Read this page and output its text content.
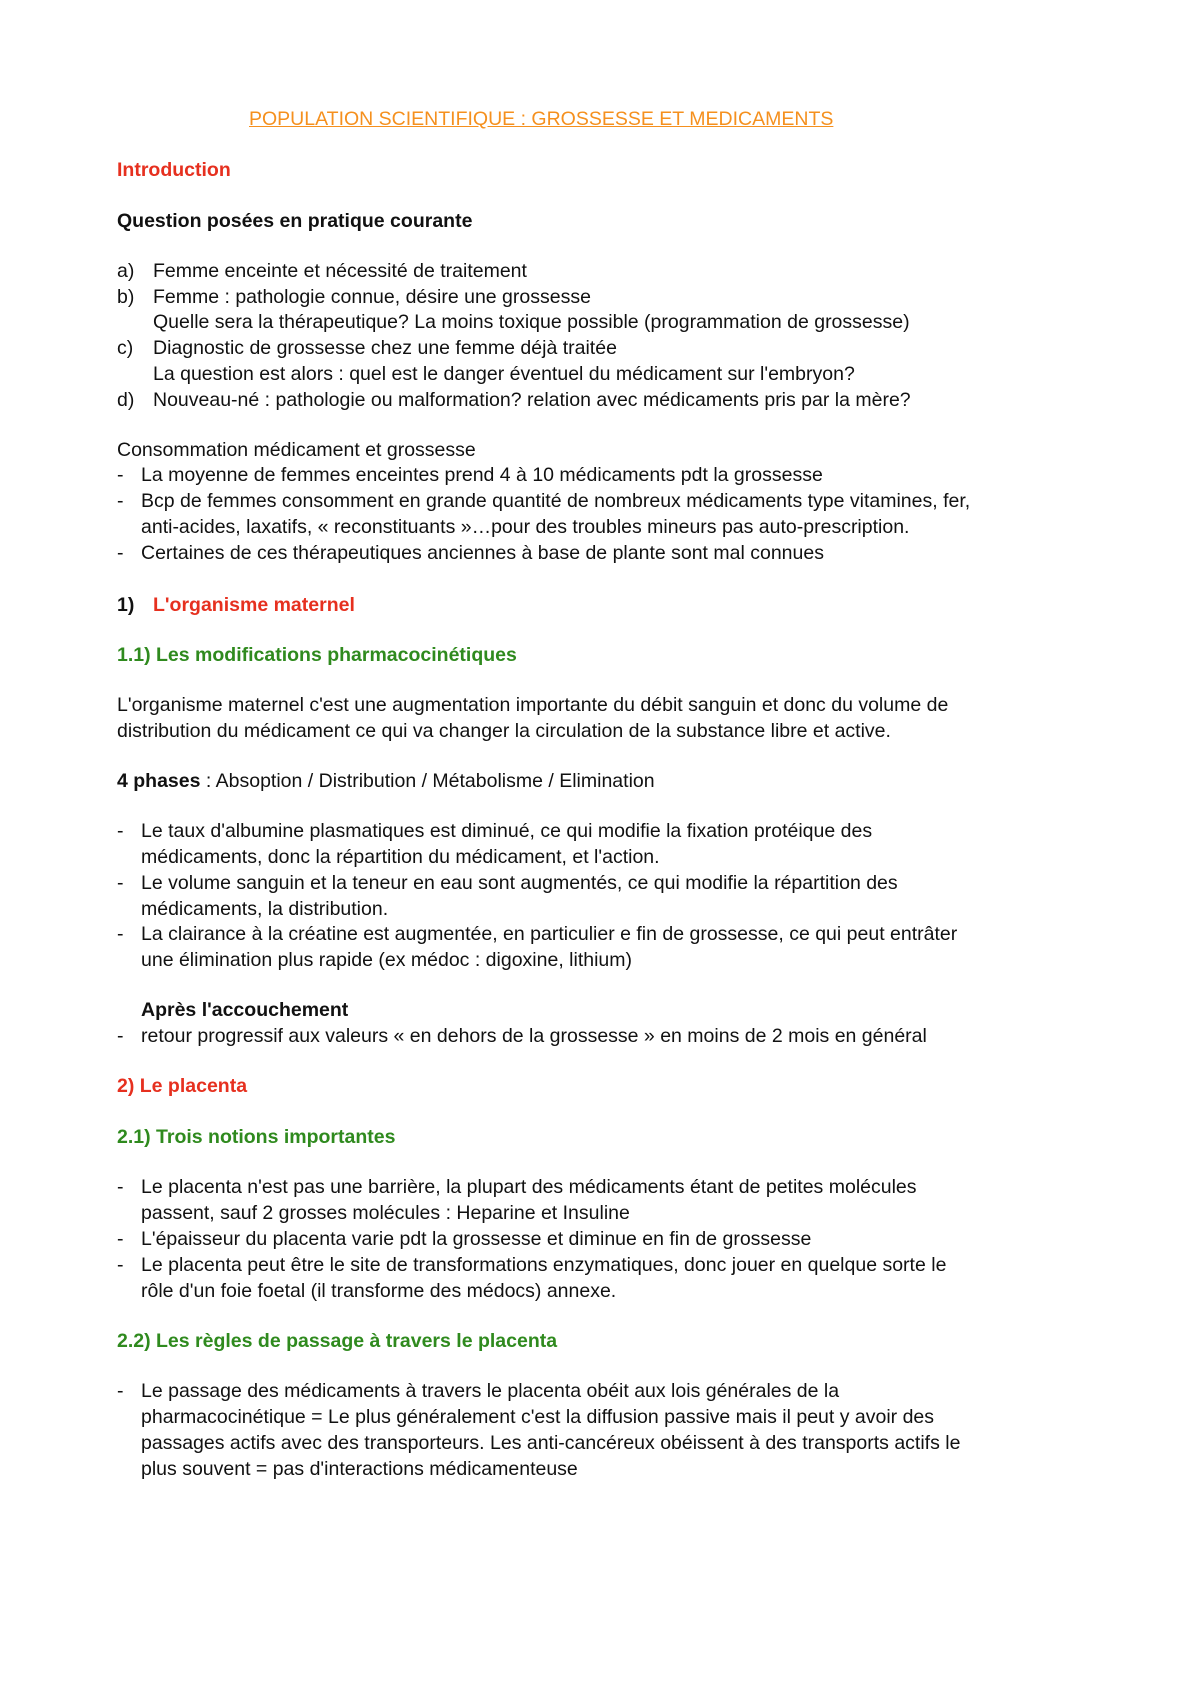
POPULATION SCIENTIFIQUE : GROSSESSE ET MEDICAMENTS
Introduction
Question posées en pratique courante
a) Femme enceinte et nécessité de traitement
b) Femme : pathologie connue, désire une grossesse
Quelle sera la thérapeutique? La moins toxique possible (programmation de grossesse)
c) Diagnostic de grossesse chez une femme déjà traitée
La question est alors : quel est le danger éventuel du médicament sur l'embryon?
d) Nouveau-né : pathologie ou malformation? relation avec médicaments pris par la mère?
Consommation médicament et grossesse
- La moyenne de femmes enceintes prend 4 à 10 médicaments pdt la grossesse
- Bcp de femmes consomment en grande quantité de nombreux médicaments type vitamines, fer,
anti-acides, laxatifs, « reconstituants »…pour des troubles mineurs pas auto-prescription.
- Certaines de ces thérapeutiques anciennes à base de plante sont mal connues
1) L'organisme maternel
1.1) Les modifications pharmacocinétiques
L'organisme maternel c'est une augmentation importante du débit sanguin et donc du volume de
distribution du médicament ce qui va changer la circulation de la substance libre et active.
4 phases : Absoption / Distribution / Métabolisme / Elimination
- Le taux d'albumine plasmatiques est diminué, ce qui modifie la fixation protéique des
médicaments, donc la répartition du médicament, et l'action.
- Le volume sanguin et la teneur en eau sont augmentés, ce qui modifie la répartition des
médicaments, la distribution.
- La clairance à la créatine est augmentée, en particulier e fin de grossesse, ce qui peut entrâter
une élimination plus rapide (ex médoc : digoxine, lithium)
Après l'accouchement
- retour progressif aux valeurs « en dehors de la grossesse » en moins de 2 mois en général
2) Le placenta
2.1) Trois notions importantes
- Le placenta n'est pas une barrière, la plupart des médicaments étant de petites molécules
passent, sauf 2 grosses molécules : Heparine et Insuline
- L'épaisseur du placenta varie pdt la grossesse et diminue en fin de grossesse
- Le placenta peut être le site de transformations enzymatiques, donc jouer en quelque sorte le
rôle d'un foie foetal (il transforme des médocs) annexe.
2.2) Les règles de passage à travers le placenta
- Le passage des médicaments à travers le placenta obéit aux lois générales de la
pharmacocinétique = Le plus généralement c'est la diffusion passive mais il peut y avoir des
passages actifs avec des transporteurs. Les anti-cancéreux obéissent à des transports actifs le
plus souvent = pas d'interactions médicamenteuse
